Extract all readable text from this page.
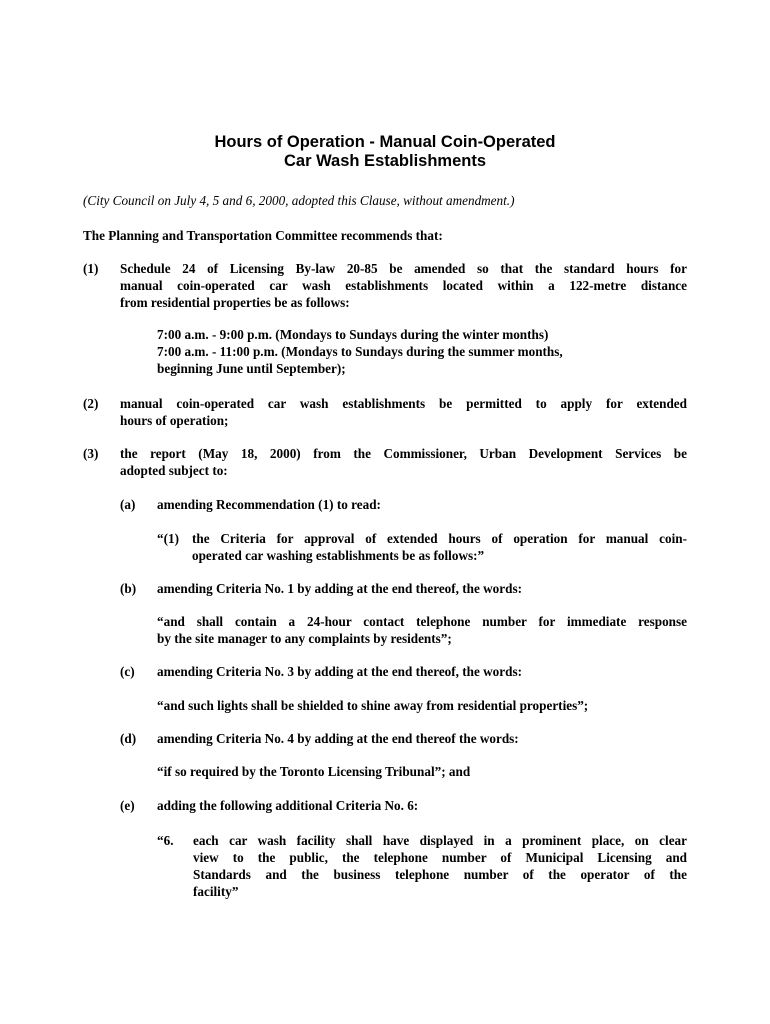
Hours of Operation - Manual Coin-Operated
Car Wash Establishments
(City Council on July 4, 5 and 6, 2000, adopted this Clause, without amendment.)
The Planning and Transportation Committee recommends that:
(1) Schedule 24 of Licensing By-law 20-85 be amended so that the standard hours for
manual coin-operated car wash establishments located within a 122-metre distance
from residential properties be as follows:
7:00 a.m. - 9:00 p.m. (Mondays to Sundays during the winter months)
7:00 a.m. - 11:00 p.m. (Mondays to Sundays during the summer months,
beginning June until September);
(2) manual coin-operated car wash establishments be permitted to apply for extended
hours of operation;
(3) the report (May 18, 2000) from the Commissioner, Urban Development Services be
adopted subject to:
(a) amending Recommendation (1) to read:
“(1) the Criteria for approval of extended hours of operation for manual coin-
operated car washing establishments be as follows:”
(b) amending Criteria No. 1 by adding at the end thereof, the words:
“and shall contain a 24-hour contact telephone number for immediate response
by the site manager to any complaints by residents”;
(c) amending Criteria No. 3 by adding at the end thereof, the words:
“and such lights shall be shielded to shine away from residential properties”;
(d) amending Criteria No. 4 by adding at the end thereof the words:
“if so required by the Toronto Licensing Tribunal”; and
(e) adding the following additional Criteria No. 6:
“6. each car wash facility shall have displayed in a prominent place, on clear
view to the public, the telephone number of Municipal Licensing and
Standards and the business telephone number of the operator of the
facility”
